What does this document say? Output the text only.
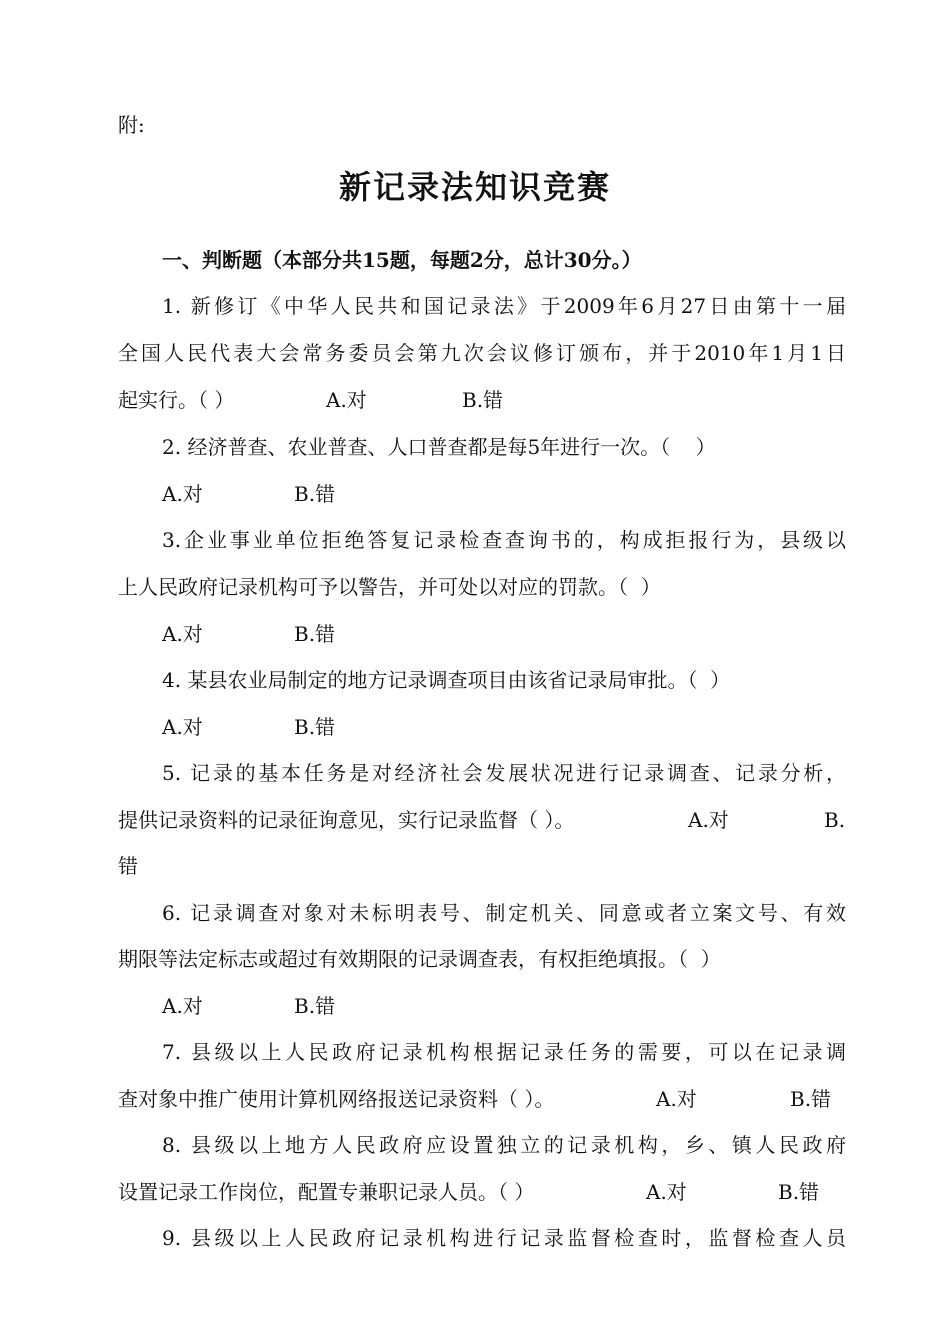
附:
新记录法知识竞赛
一、判断题（本部分共15题，每题2分，总计30分。）
1. 新修订《中华人民共和国记录法》于2009年6月27日由第十一届
全国人民代表大会常务委员会第九次会议修订颁布，并于2010年1月1日
起实行。（ ）	A.对	B.错
2. 经济普查、农业普查、人口普查都是每5年进行一次。（    ）
A.对	B.错
3.企业事业单位拒绝答复记录检查查询书的，构成拒报行为，县级以
上人民政府记录机构可予以警告，并可处以对应的罚款。（  ）
A.对	B.错
4. 某县农业局制定的地方记录调查项目由该省记录局审批。（  ）
A.对	B.错
5. 记录的基本任务是对经济社会发展状况进行记录调查、记录分析，
提供记录资料的记录征询意见，实行记录监督（ ）。	A.对	B.
错
6. 记录调查对象对未标明表号、制定机关、同意或者立案文号、有效
期限等法定标志或超过有效期限的记录调查表，有权拒绝填报。（  ）
A.对	B.错
7. 县级以上人民政府记录机构根据记录任务的需要，可以在记录调
查对象中推广使用计算机网络报送记录资料（ ）。	A.对	B.错
8. 县级以上地方人民政府应设置独立的记录机构，乡、镇人民政府
设置记录工作岗位，配置专兼职记录人员。（ ）	A.对	B.错
9. 县级以上人民政府记录机构进行记录监督检查时，监督检查人员
